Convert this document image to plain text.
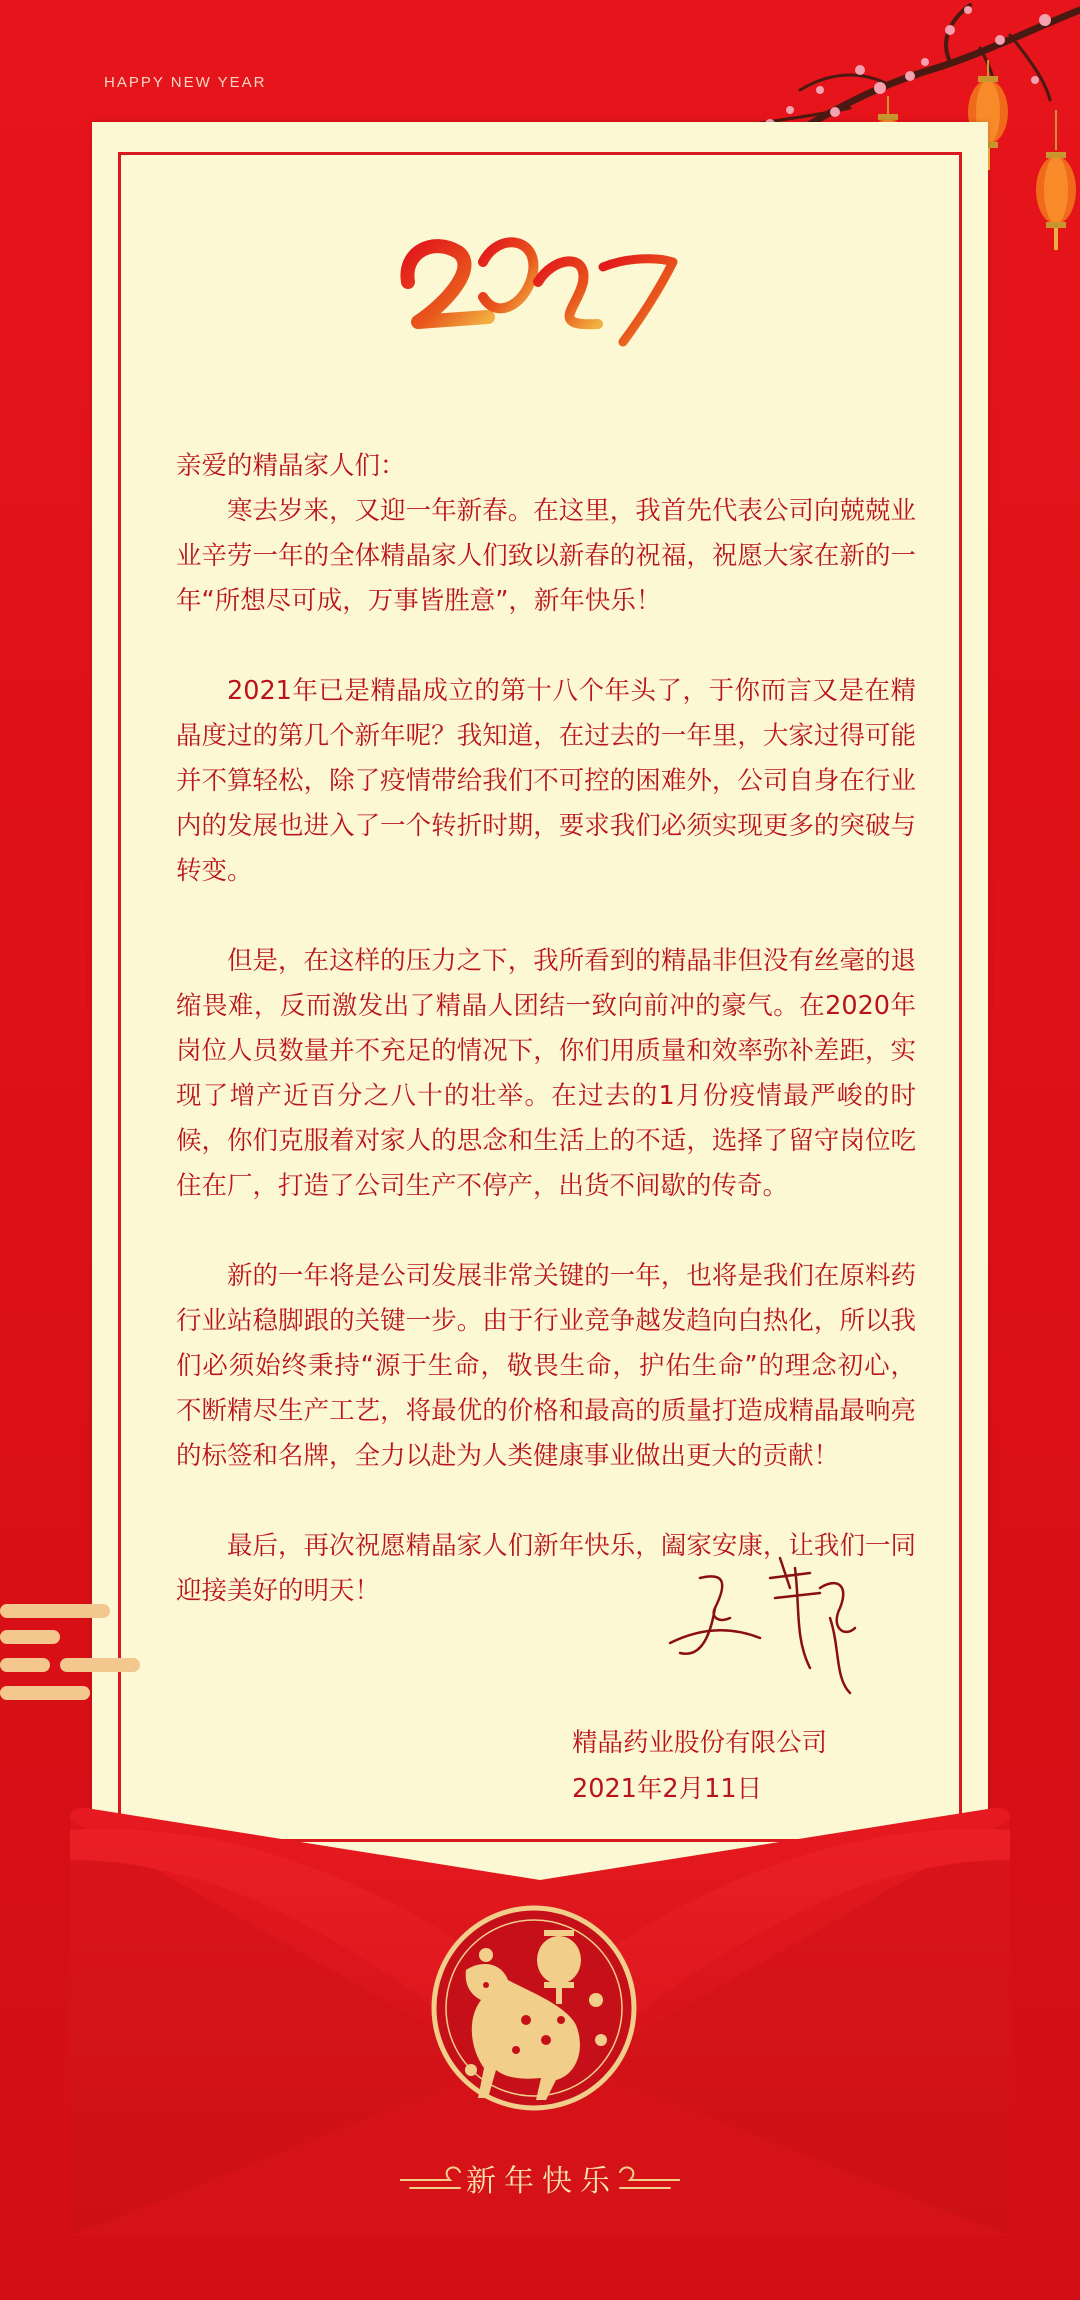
HAPPY NEW YEAR

亲爱的精晶家人们：

寒去岁来，又迎一年新春。在这里，我首先代表公司向兢兢业业辛劳一年的全体精晶家人们致以新春的祝福，祝愿大家在新的一年“所想尽可成，万事皆胜意”，新年快乐！

2021年已是精晶成立的第十八个年头了，于你而言又是在精晶度过的第几个新年呢？我知道，在过去的一年里，大家过得可能并不算轻松，除了疫情带给我们不可控的困难外，公司自身在行业内的发展也进入了一个转折时期，要求我们必须实现更多的突破与转变。

但是，在这样的压力之下，我所看到的精晶非但没有丝毫的退缩畏难，反而激发出了精晶人团结一致向前冲的豪气。在2020年岗位人员数量并不充足的情况下，你们用质量和效率弥补差距，实现了增产近百分之八十的壮举。在过去的1月份疫情最严峻的时候，你们克服着对家人的思念和生活上的不适，选择了留守岗位吃住在厂，打造了公司生产不停产，出货不间歇的传奇。

新的一年将是公司发展非常关键的一年，也将是我们在原料药行业站稳脚跟的关键一步。由于行业竞争越发趋向白热化，所以我们必须始终秉持“源于生命，敬畏生命，护佑生命”的理念初心，不断精尽生产工艺，将最优的价格和最高的质量打造成精晶最响亮的标签和名牌，全力以赴为人类健康事业做出更大的贡献！

最后，再次祝愿精晶家人们新年快乐，阖家安康，让我们一同迎接美好的明天！

精晶药业股份有限公司
2021年2月11日
新年快乐
